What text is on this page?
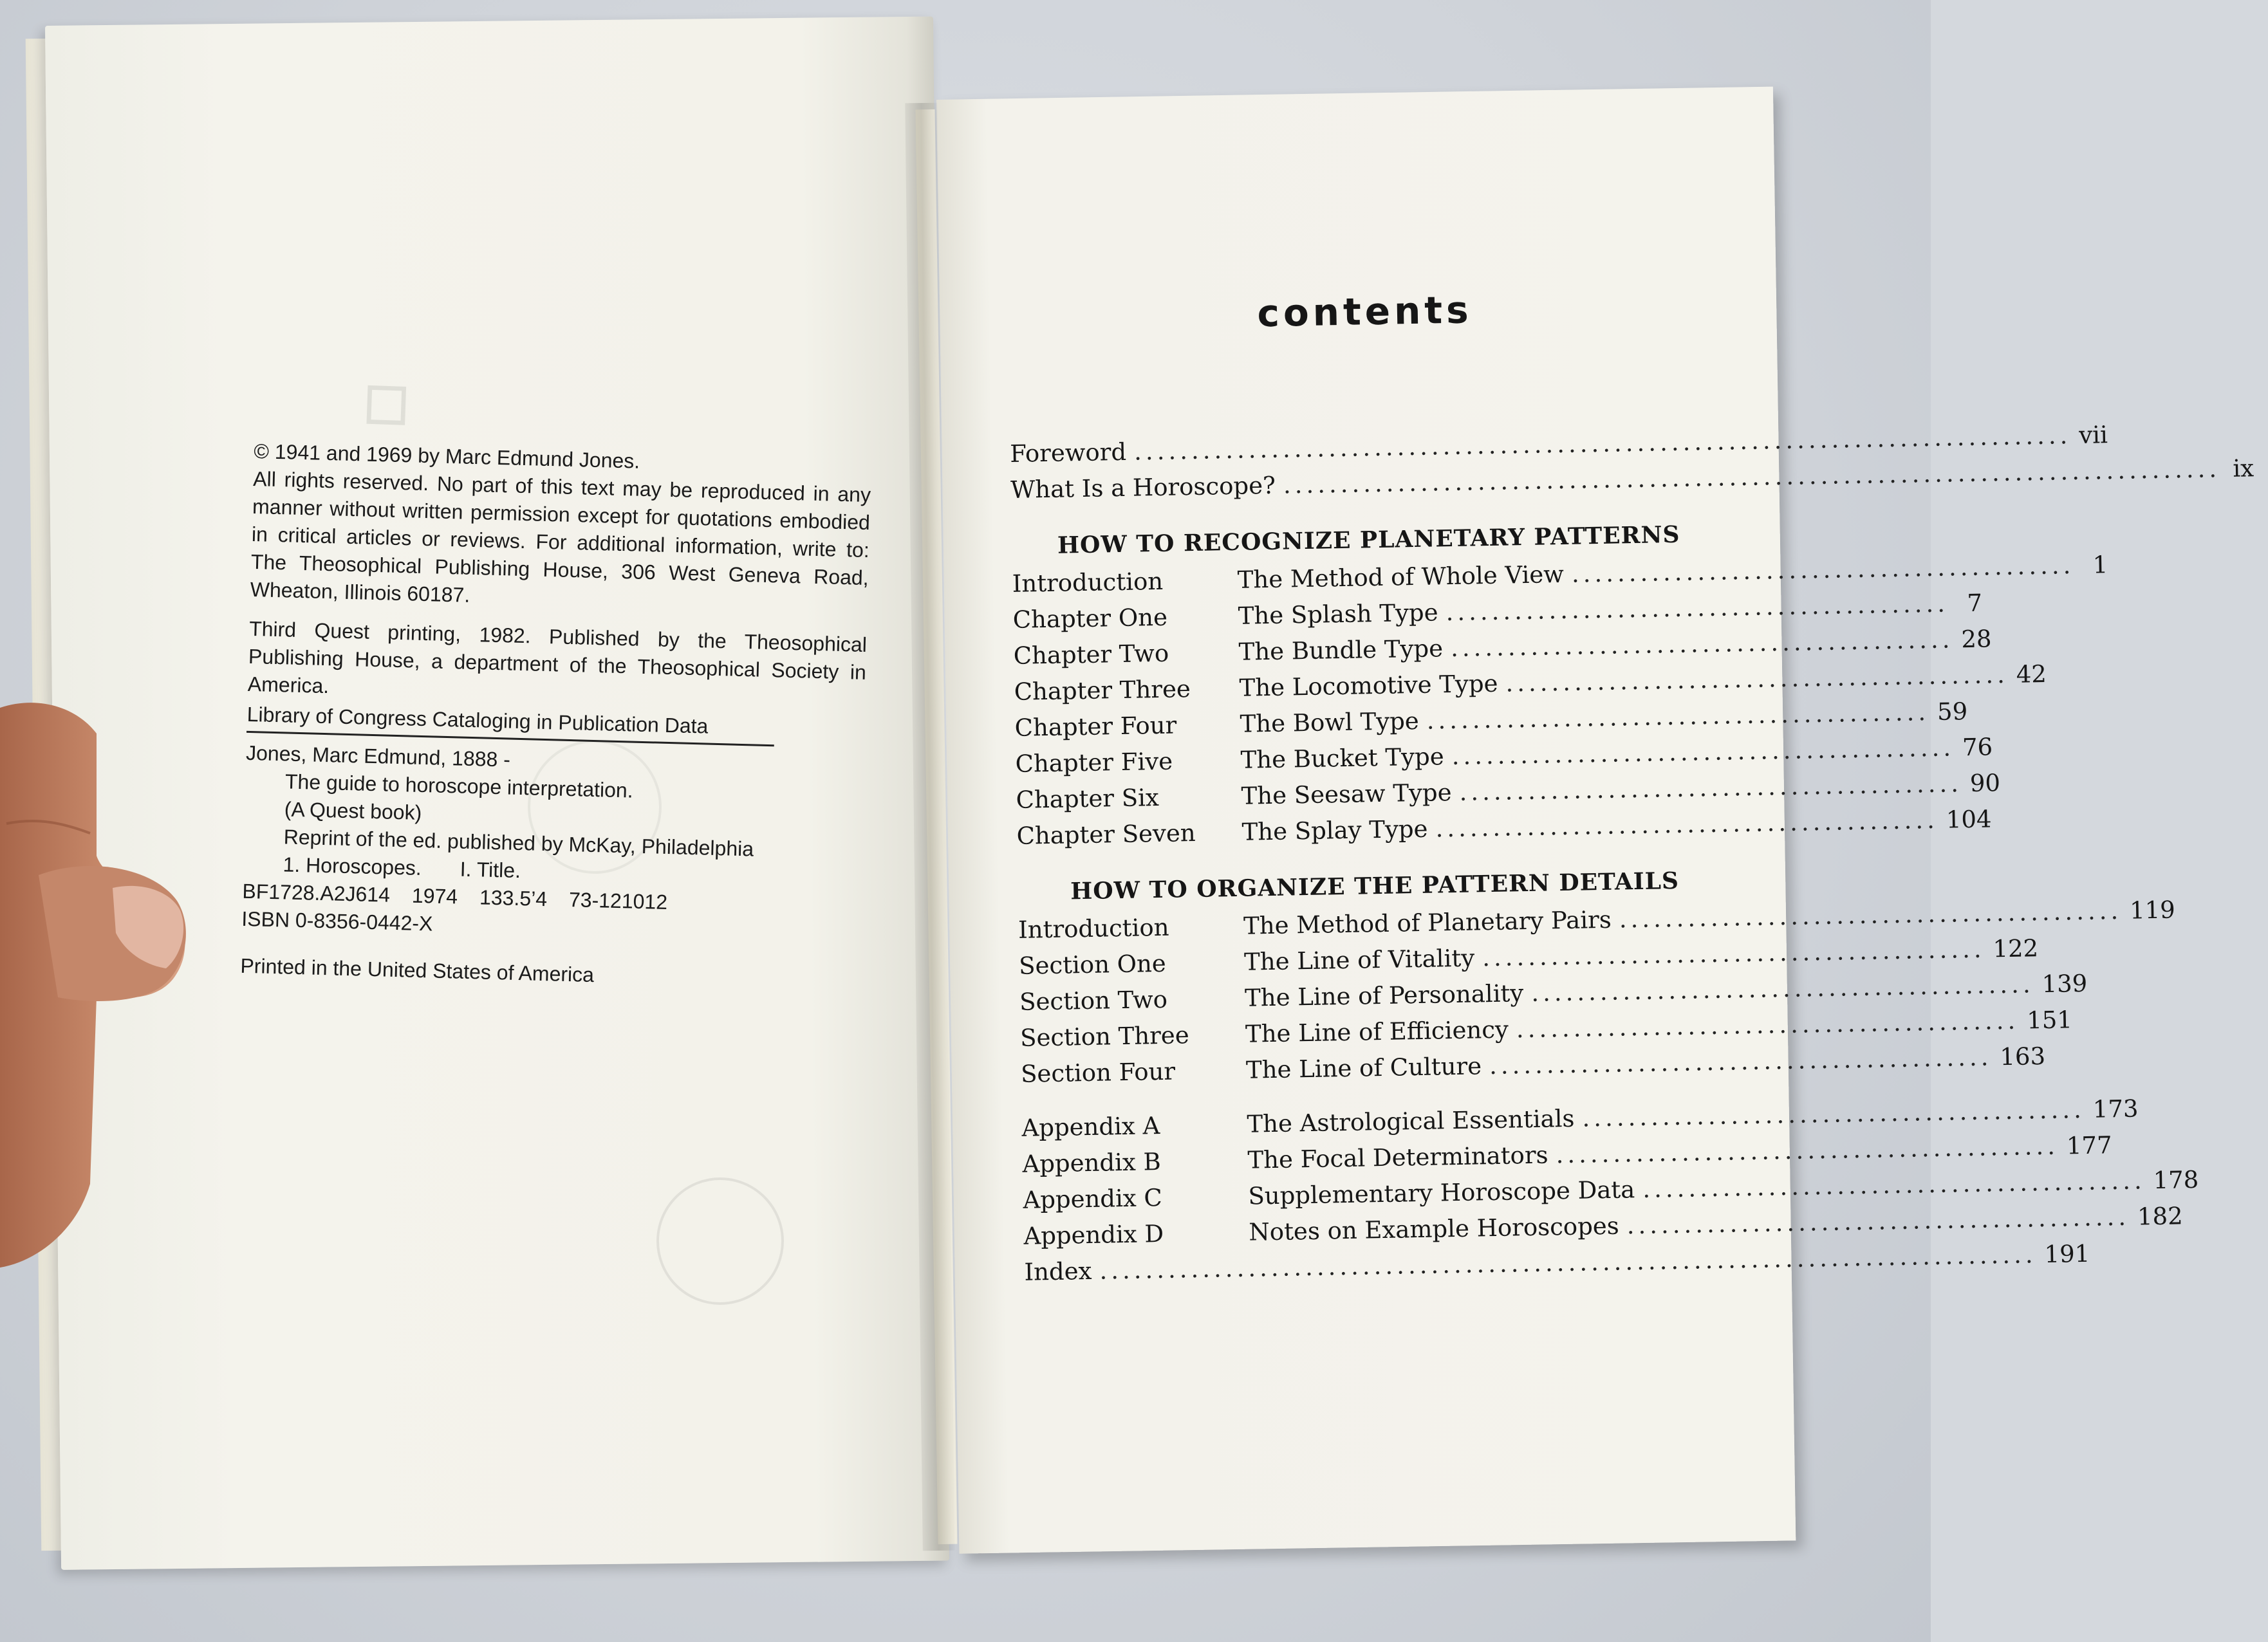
▫

© 1941 and 1969 by Marc Edmund Jones.

All rights reserved. No part of this text may be reproduced in any manner without written permission except for quotations embodied in critical articles or reviews. For additional information, write to: The Theosophical Publishing House, 306 West Geneva Road, Wheaton, Illinois 60187.

Third Quest printing, 1982. Published by the Theosophical Publishing House, a department of the Theosophical Society in America.

Library of Congress Cataloging in Publication Data

Jones, Marc Edmund, 1888 -

The guide to horoscope interpretation.

(A Quest book)

Reprint of the ed. published by McKay, Philadelphia

1. Horoscopes. I. Title.

BF1728.A2J614 1974 133.5’4 73-121012

ISBN 0-8356-0442-X

Printed in the United States of America

contents
Foreword .................................................................................. vii
What Is a Horoscope? .................................................................................. ix
HOW TO RECOGNIZE PLANETARY PATTERNS
Introduction	The Method of Whole View ............................................ 1
Chapter One	The Splash Type ............................................ 7
Chapter Two	The Bundle Type ............................................ 28
Chapter Three	The Locomotive Type ............................................ 42
Chapter Four	The Bowl Type ............................................ 59
Chapter Five	The Bucket Type ............................................ 76
Chapter Six	The Seesaw Type ............................................ 90
Chapter Seven	The Splay Type ............................................ 104
HOW TO ORGANIZE THE PATTERN DETAILS
Introduction	The Method of Planetary Pairs ............................................ 119
Section One	The Line of Vitality ............................................ 122
Section Two	The Line of Personality ............................................ 139
Section Three	The Line of Efficiency ............................................ 151
Section Four	The Line of Culture ............................................ 163
Appendix A	The Astrological Essentials ............................................ 173
Appendix B	The Focal Determinators ............................................ 177
Appendix C	Supplementary Horoscope Data ............................................ 178
Appendix D	Notes on Example Horoscopes ............................................ 182
Index .................................................................................. 191
